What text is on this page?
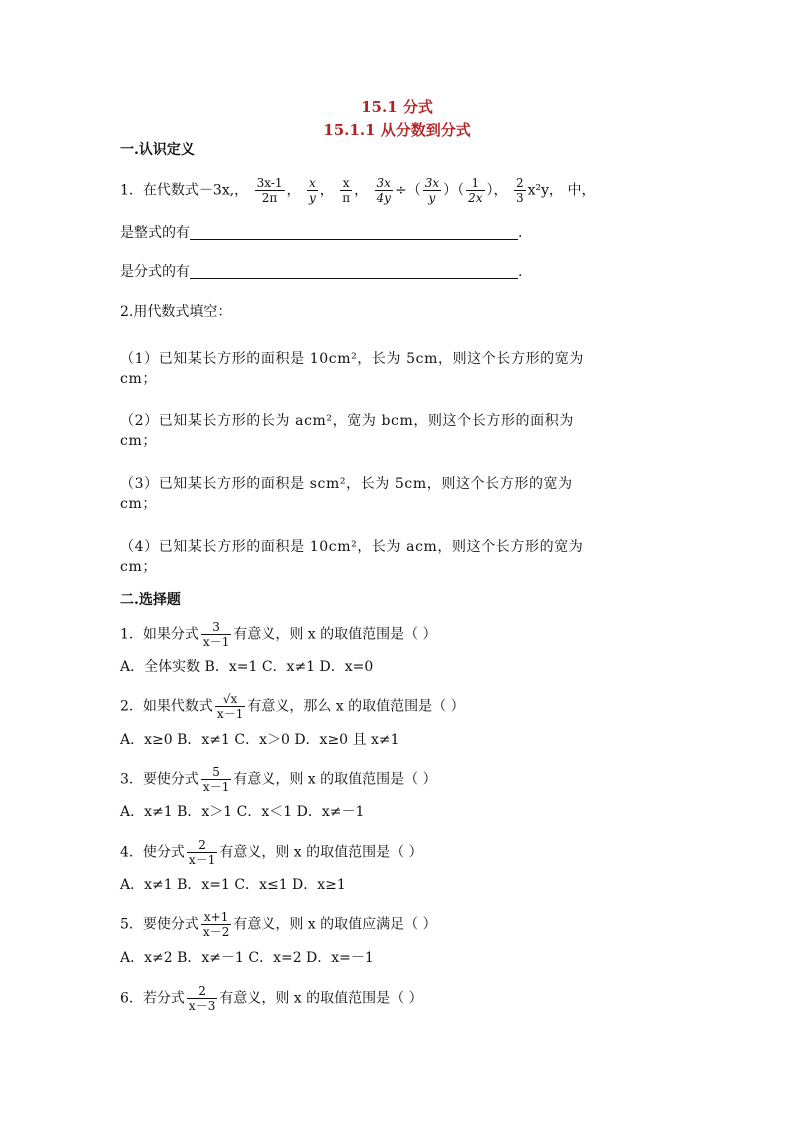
15.1 分式
15.1.1 从分数到分式
一.认识定义
1．在代数式－3x,， $\frac{3x-1}{2\pi}$ ， $\frac{x}{y}$ ， $\frac{x}{\pi}$ ， $\frac{3x}{4y}$ ÷（ $\frac{3x}{y}$ ）（ $\frac{1}{2x}$ ）， $\frac{2}{3} x^2y$， 中，
是整式的有	.
是分式的有	.
2.用代数式填空：
（1）已知某长方形的面积是 10cm²，长为 5cm，则这个长方形的宽为
cm；
（2）已知某长方形的长为 acm²，宽为 bcm，则这个长方形的面积为
cm；
（3）已知某长方形的面积是 scm²，长为 5cm，则这个长方形的宽为
cm；
（4）已知某长方形的面积是 10cm²，长为 acm，则这个长方形的宽为
cm；
二.选择题
1．如果分式 $\frac{3}{x-1}$ 有意义，则 x 的取值范围是（ ）
A．全体实数 B．x=1 C．x≠1 D．x=0
2．如果代数式 $\frac{√x}{x-1}$ 有意义，那么 x 的取值范围是（ ）
A．x≥0 B．x≠1 C．x＞0 D．x≥0 且 x≠1
3．要使分式 $\frac{5}{x-1}$ 有意义，则 x 的取值范围是（ ）
A．x≠1 B．x＞1 C．x＜1 D．x≠－1
4．使分式 $\frac{2}{x-1}$ 有意义，则 x 的取值范围是（ ）
A．x≠1 B．x=1 C．x≤1 D．x≥1
5．要使分式 $\frac{x+1}{x-2}$ 有意义，则 x 的取值应满足（ ）
A．x≠2 B．x≠－1 C．x=2 D．x=－1
6．若分式 $\frac{2}{x-3}$ 有意义，则 x 的取值范围是（ ）
